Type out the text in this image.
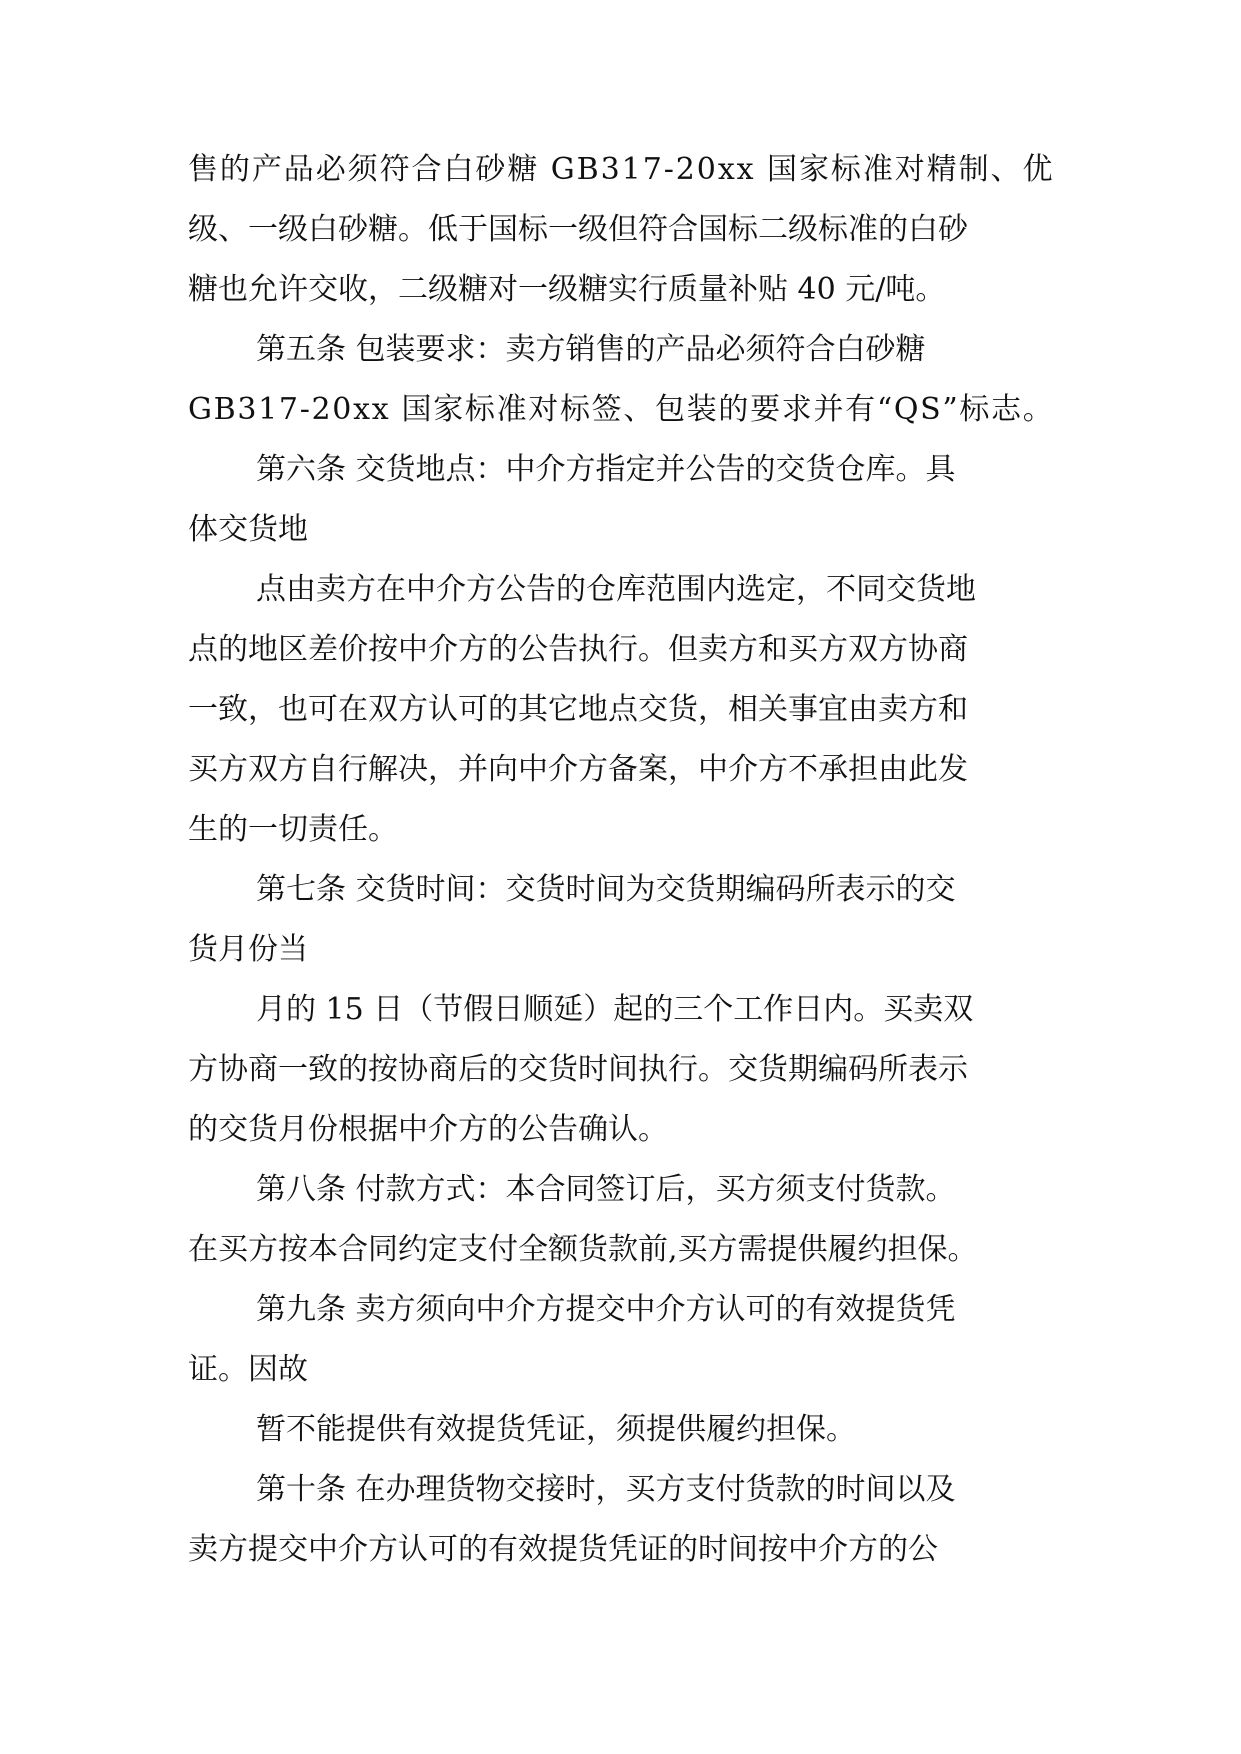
售的产品必须符合白砂糖 GB317-20xx 国家标准对精制、优
级、一级白砂糖。低于国标一级但符合国标二级标准的白砂
糖也允许交收，二级糖对一级糖实行质量补贴 40 元/吨。
第五条 包装要求：卖方销售的产品必须符合白砂糖
GB317-20xx 国家标准对标签、包装的要求并有“QS”标志。
第六条 交货地点：中介方指定并公告的交货仓库。具
体交货地
点由卖方在中介方公告的仓库范围内选定，不同交货地
点的地区差价按中介方的公告执行。但卖方和买方双方协商
一致，也可在双方认可的其它地点交货，相关事宜由卖方和
买方双方自行解决，并向中介方备案，中介方不承担由此发
生的一切责任。
第七条 交货时间：交货时间为交货期编码所表示的交
货月份当
月的 15 日（节假日顺延）起的三个工作日内。买卖双
方协商一致的按协商后的交货时间执行。交货期编码所表示
的交货月份根据中介方的公告确认。
第八条 付款方式：本合同签订后，买方须支付货款。
在买方按本合同约定支付全额货款前,买方需提供履约担保。
第九条 卖方须向中介方提交中介方认可的有效提货凭
证。因故
暂不能提供有效提货凭证，须提供履约担保。
第十条 在办理货物交接时，买方支付货款的时间以及
卖方提交中介方认可的有效提货凭证的时间按中介方的公
